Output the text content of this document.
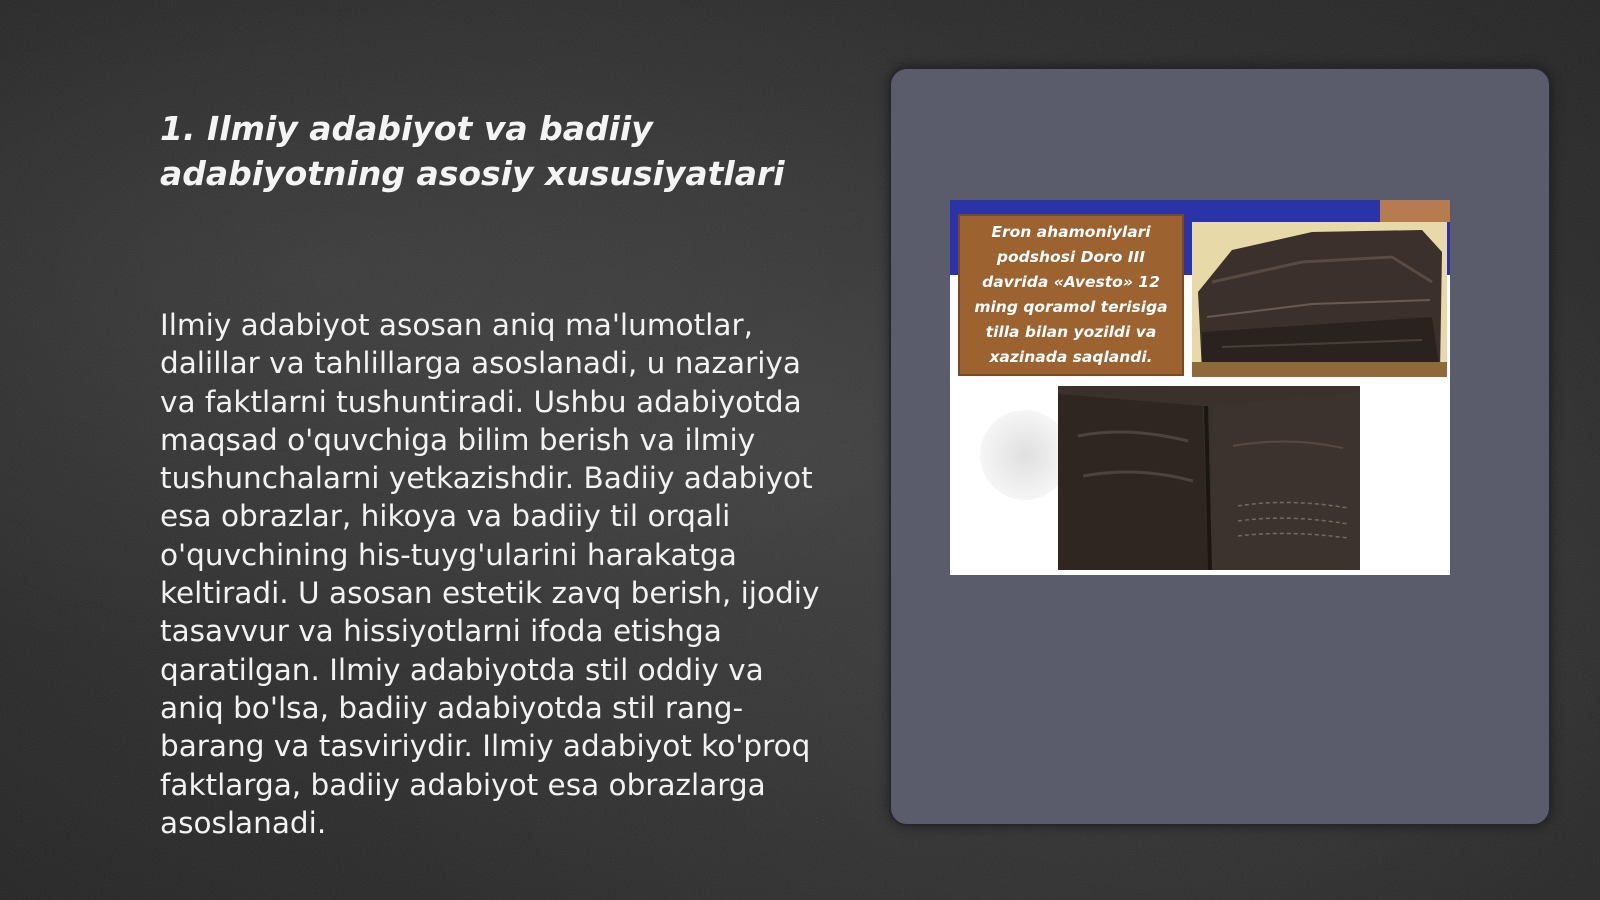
1. Ilmiy adabiyot va badiiy adabiyotning asosiy xususiyatlari

Ilmiy adabiyot asosan aniq ma'lumotlar, dalillar va tahlillarga asoslanadi, u nazariya va faktlarni tushuntiradi. Ushbu adabiyotda maqsad o'quvchiga bilim berish va ilmiy tushunchalarni yetkazishdir. Badiiy adabiyot esa obrazlar, hikoya va badiiy til orqali o'quvchining his-tuyg'ularini harakatga keltiradi. U asosan estetik zavq berish, ijodiy tasavvur va hissiyotlarni ifoda etishga qaratilgan. Ilmiy adabiyotda stil oddiy va aniq bo'lsa, badiiy adabiyotda stil rang-barang va tasviriydir. Ilmiy adabiyot ko'proq faktlarga, badiiy adabiyot esa obrazlarga asoslanadi.

Eron ahamoniylari podshosi Doro III davrida «Avesto» 12 ming qoramol terisiga tilla bilan yozildi va xazinada saqlandi.
